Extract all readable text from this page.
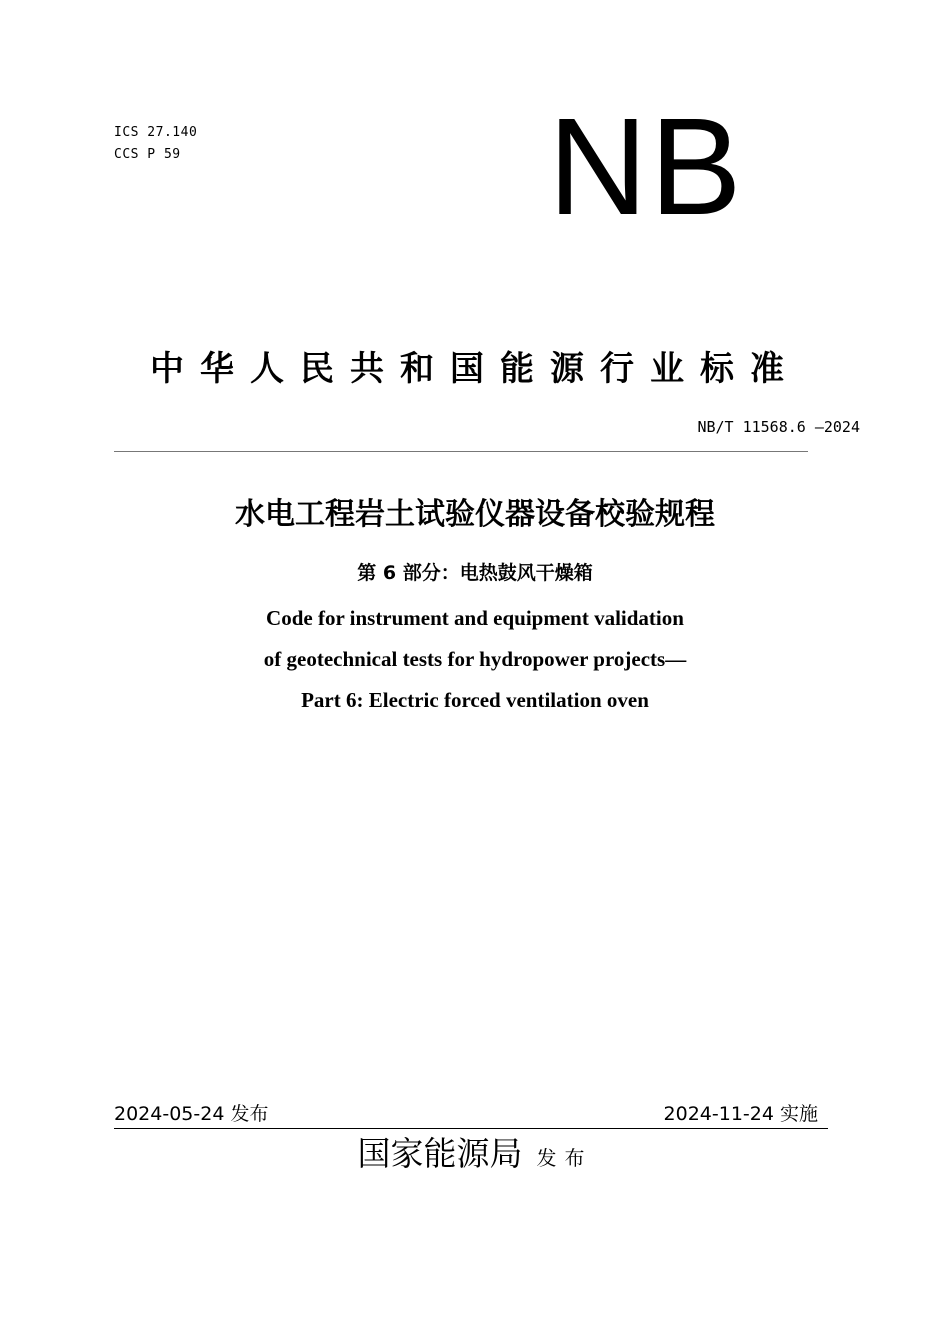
ICS 27.140
CCS P 59	NB
中华人民共和国能源行业标准
NB/T 11568.6 —2024
水电工程岩土试验仪器设备校验规程
第 6 部分：电热鼓风干燥箱
Code for instrument and equipment validation
of geotechnical tests for hydropower projects—
Part 6: Electric forced ventilation oven
2024-05-24 发布	2024-11-24 实施
国家能源局 发布
